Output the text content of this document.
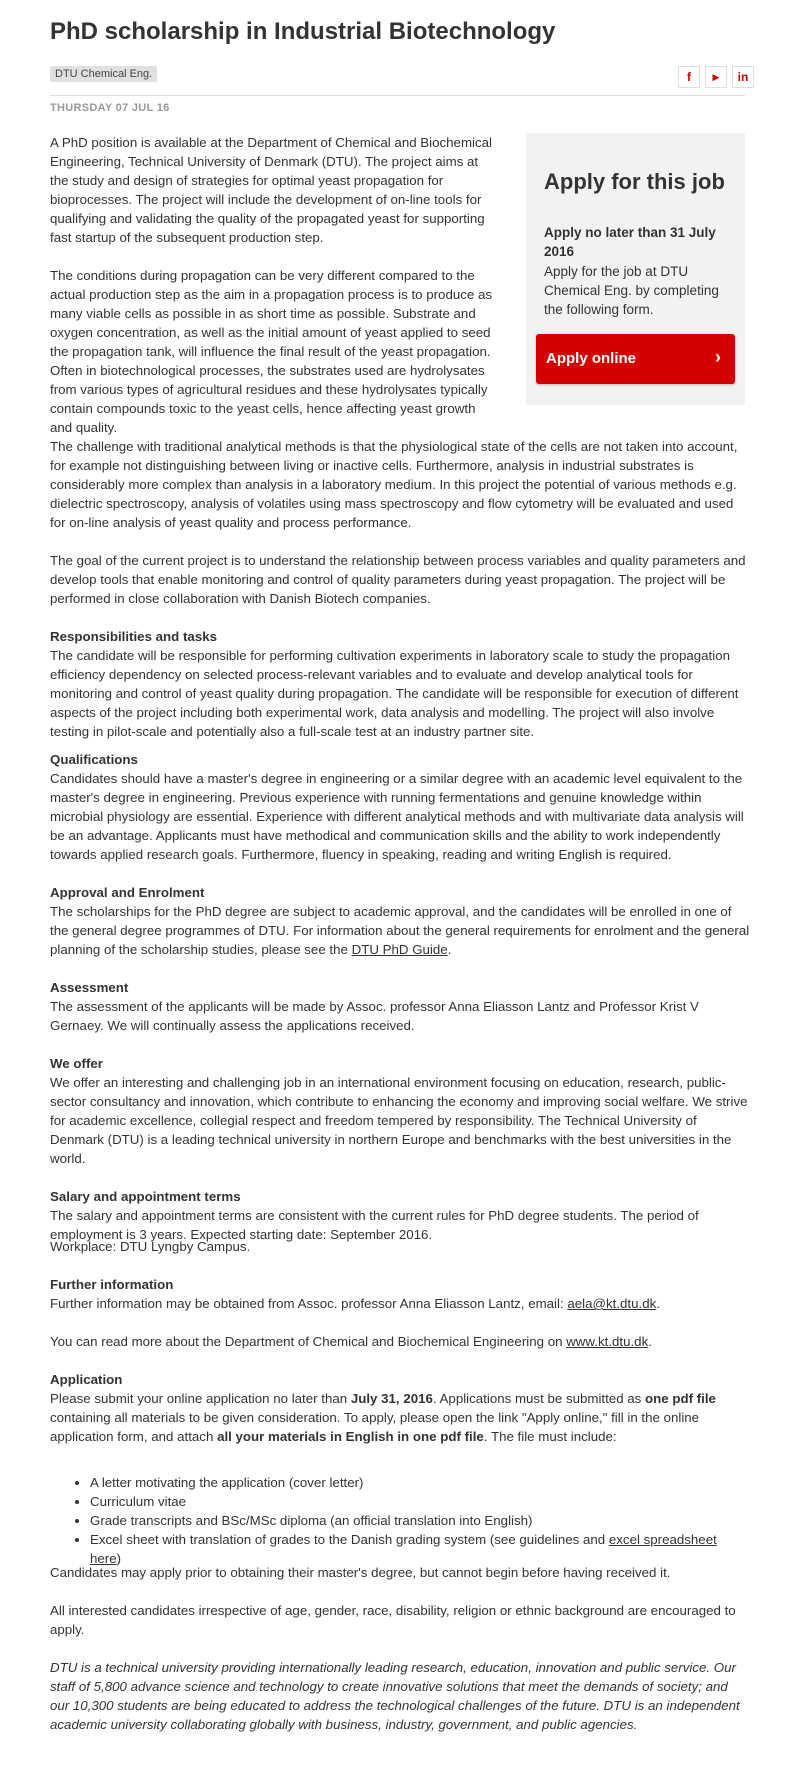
PhD scholarship in Industrial Biotechnology
DTU Chemical Eng.	f	▶	in
THURSDAY 07 JUL 16
Apply for this job
Apply no later than 31 July 2016
Apply for the job at DTU Chemical Eng. by completing the following form.
Apply online	›

A PhD position is available at the Department of Chemical and Biochemical Engineering, Technical University of Denmark (DTU). The project aims at the study and design of strategies for optimal yeast propagation for bioprocesses. The project will include the development of on-line tools for qualifying and validating the quality of the propagated yeast for supporting fast startup of the subsequent production step.

The conditions during propagation can be very different compared to the actual production step as the aim in a propagation process is to produce as many viable cells as possible in as short time as possible. Substrate and oxygen concentration, as well as the initial amount of yeast applied to seed the propagation tank, will influence the final result of the yeast propagation. Often in biotechnological processes, the substrates used are hydrolysates from various types of agricultural residues and these hydrolysates typically contain compounds toxic to the yeast cells, hence affecting yeast growth and quality.

The challenge with traditional analytical methods is that the physiological state of the cells are not taken into account, for example not distinguishing between living or inactive cells. Furthermore, analysis in industrial substrates is considerably more complex than analysis in a laboratory medium. In this project the potential of various methods e.g. dielectric spectroscopy, analysis of volatiles using mass spectroscopy and flow cytometry will be evaluated and used for on-line analysis of yeast quality and process performance.

The goal of the current project is to understand the relationship between process variables and quality parameters and develop tools that enable monitoring and control of quality parameters during yeast propagation. The project will be performed in close collaboration with Danish Biotech companies.

Responsibilities and tasks

The candidate will be responsible for performing cultivation experiments in laboratory scale to study the propagation efficiency dependency on selected process-relevant variables and to evaluate and develop analytical tools for monitoring and control of yeast quality during propagation. The candidate will be responsible for execution of different aspects of the project including both experimental work, data analysis and modelling. The project will also involve testing in pilot-scale and potentially also a full-scale test at an industry partner site.

Qualifications

Candidates should have a master's degree in engineering or a similar degree with an academic level equivalent to the master's degree in engineering. Previous experience with running fermentations and genuine knowledge within microbial physiology are essential. Experience with different analytical methods and with multivariate data analysis will be an advantage. Applicants must have methodical and communication skills and the ability to work independently towards applied research goals. Furthermore, fluency in speaking, reading and writing English is required.

Approval and Enrolment

The scholarships for the PhD degree are subject to academic approval, and the candidates will be enrolled in one of the general degree programmes of DTU. For information about the general requirements for enrolment and the general planning of the scholarship studies, please see the DTU PhD Guide.

Assessment

The assessment of the applicants will be made by Assoc. professor Anna Eliasson Lantz and Professor Krist V Gernaey. We will continually assess the applications received.

We offer

We offer an interesting and challenging job in an international environment focusing on education, research, public-sector consultancy and innovation, which contribute to enhancing the economy and improving social welfare. We strive for academic excellence, collegial respect and freedom tempered by responsibility. The Technical University of Denmark (DTU) is a leading technical university in northern Europe and benchmarks with the best universities in the world.

Salary and appointment terms

The salary and appointment terms are consistent with the current rules for PhD degree students. The period of employment is 3 years. Expected starting date: September 2016.

Workplace: DTU Lyngby Campus.

Further information

Further information may be obtained from Assoc. professor Anna Eliasson Lantz, email: aela@kt.dtu.dk.

You can read more about the Department of Chemical and Biochemical Engineering on www.kt.dtu.dk.

Application

Please submit your online application no later than July 31, 2016. Applications must be submitted as one pdf file containing all materials to be given consideration. To apply, please open the link "Apply online," fill in the online application form, and attach all your materials in English in one pdf file. The file must include:

• A letter motivating the application (cover letter)
• Curriculum vitae
• Grade transcripts and BSc/MSc diploma (an official translation into English)
• Excel sheet with translation of grades to the Danish grading system (see guidelines and excel spreadsheet here)

Candidates may apply prior to obtaining their master's degree, but cannot begin before having received it.

All interested candidates irrespective of age, gender, race, disability, religion or ethnic background are encouraged to apply.

DTU is a technical university providing internationally leading research, education, innovation and public service. Our staff of 5,800 advance science and technology to create innovative solutions that meet the demands of society; and our 10,300 students are being educated to address the technological challenges of the future. DTU is an independent academic university collaborating globally with business, industry, government, and public agencies.
